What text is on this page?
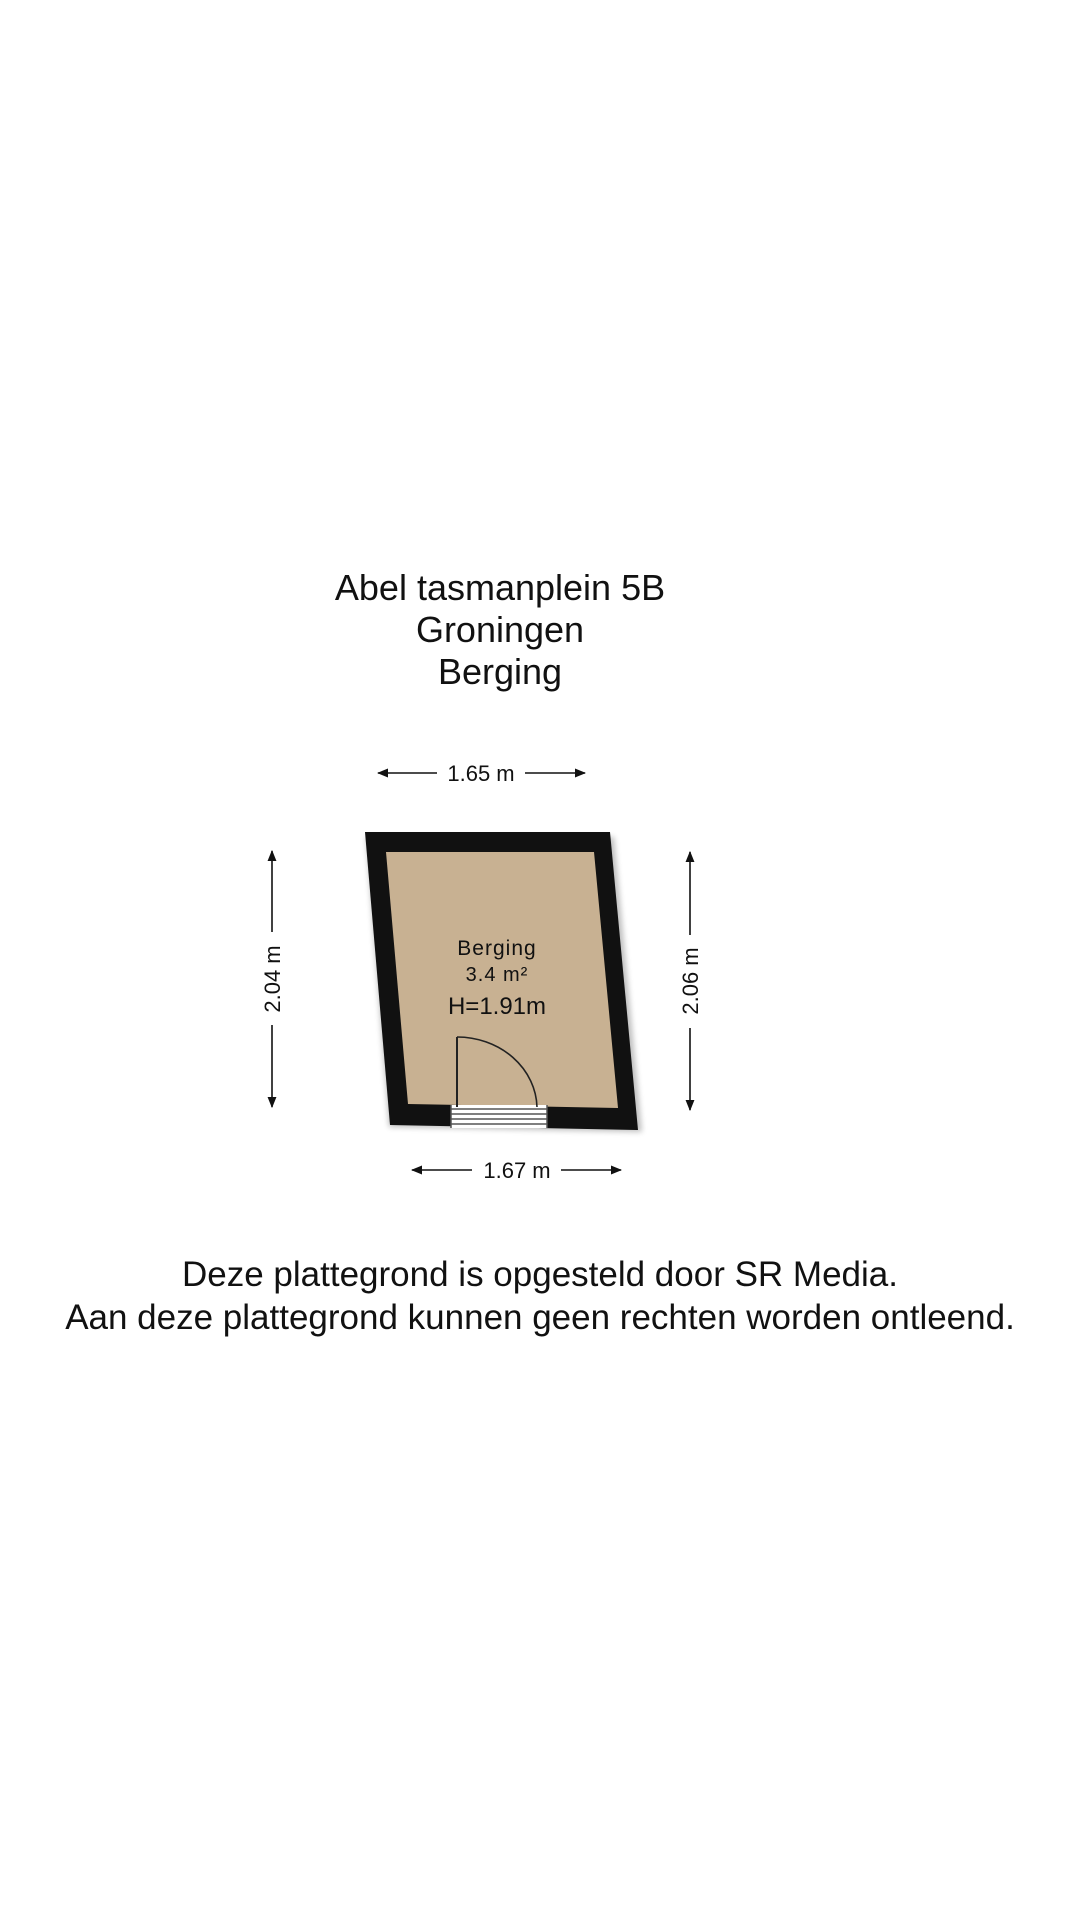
Abel tasmanplein 5B
Groningen
Berging
Berging
3.4 m²
H=1.91m
1.65 m
1.67 m
2.04 m	2.06 m
Deze plattegrond is opgesteld door SR Media.
Aan deze plattegrond kunnen geen rechten worden ontleend.
